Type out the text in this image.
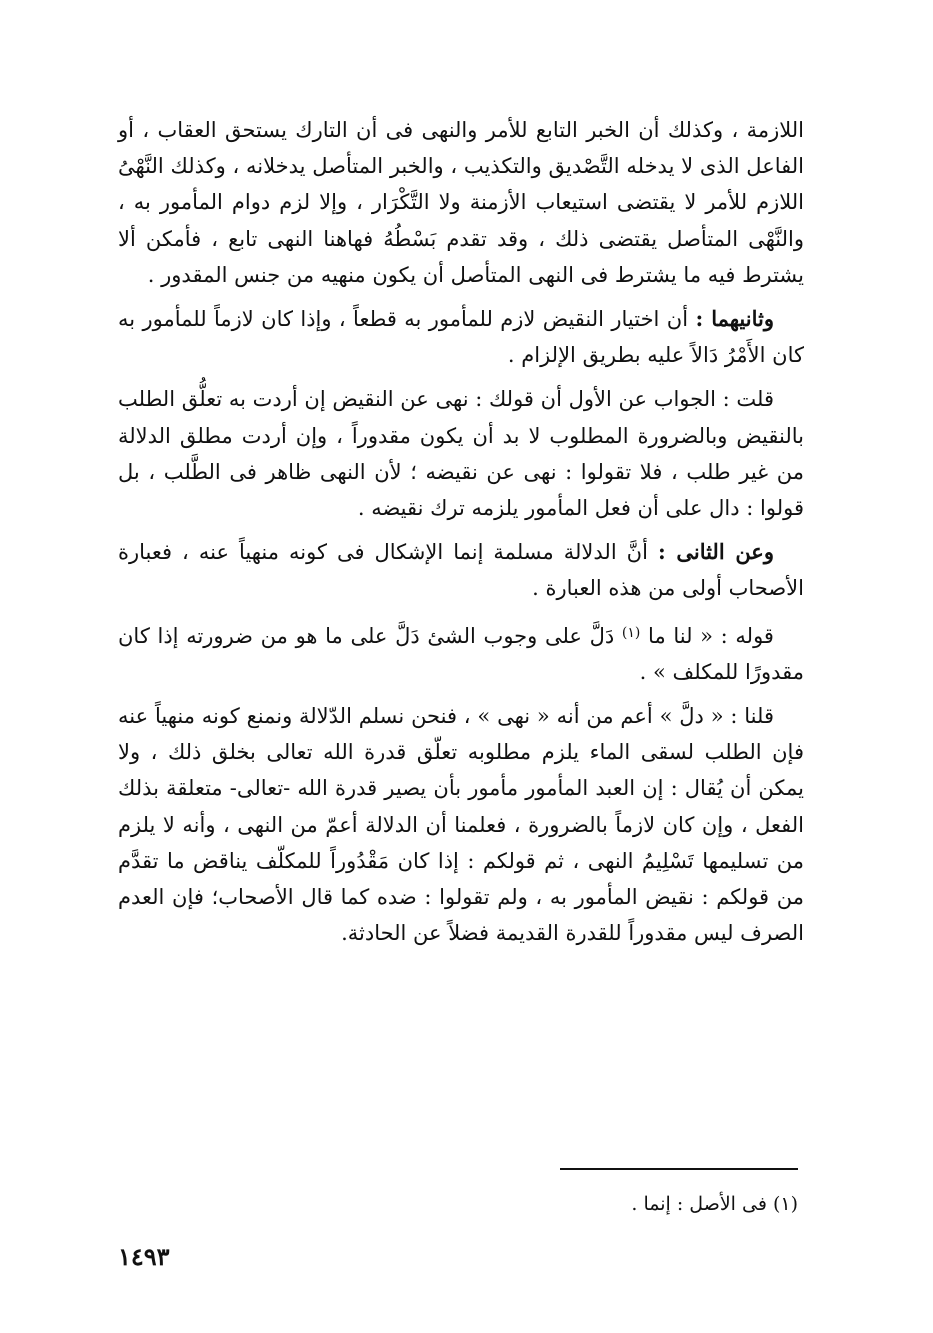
اللازمة ، وكذلك أن الخبر التابع للأمر والنهى فى أن التارك يستحق العقاب ، أو الفاعل الذى لا يدخله التَّصْديق والتكذيب ، والخبر المتأصل يدخلانه ، وكذلك النَّهْىُ اللازم للأمر لا يقتضى استيعاب الأزمنة ولا التَّكْرَار ، وإلا لزم دوام المأمور به ، والنَّهْى المتأصل يقتضى ذلك ، وقد تقدم بَسْطُهُ فهاهنا النهى تابع ، فأمكن ألا يشترط فيه ما يشترط فى النهى المتأصل أن يكون منهيه من جنس المقدور .

وثانيهما : أن اختيار النقيض لازم للمأمور به قطعاً ، وإذا كان لازماً للمأمور به كان الأَمْرُ دَالاً عليه بطريق الإلزام .

قلت : الجواب عن الأول أن قولك : نهى عن النقيض إن أردت به تعلُّق الطلب بالنقيض وبالضرورة المطلوب لا بد أن يكون مقدوراً ، وإن أردت مطلق الدلالة من غير طلب ، فلا تقولوا : نهى عن نقيضه ؛ لأن النهى ظاهر فى الطَّلب ، بل قولوا : دال على أن فعل المأمور يلزمه ترك نقيضه .

وعن الثانى : أنَّ الدلالة مسلمة إنما الإشكال فى كونه منهياً عنه ، فعبارة الأصحاب أولى من هذه العبارة .

قوله : « لنا ما $^{(١)}$ دَلَّ على وجوب الشئ دَلَّ على ما هو من ضرورته إذا كان مقدورًا للمكلف » .

قلنا : « دلَّ » أعم من أنه « نهى » ، فنحن نسلم الدّلالة ونمنع كونه منهياً عنه فإن الطلب لسقى الماء يلزم مطلوبه تعلّق قدرة الله تعالى بخلق ذلك ، ولا يمكن أن يُقال : إن العبد المأمور مأمور بأن يصير قدرة الله -تعالى- متعلقة بذلك الفعل ، وإن كان لازماً بالضرورة ، فعلمنا أن الدلالة أعمّ من النهى ، وأنه لا يلزم من تسليمها تَسْلِيمُ النهى ، ثم قولكم : إذا كان مَقْدُوراً للمكلّف يناقض ما تقدَّم من قولكم : نقيض المأمور به ، ولم تقولوا : ضده كما قال الأصحاب؛ فإن العدم الصرف ليس مقدوراً للقدرة القديمة فضلاً عن الحادثة.

(١) فى الأصل : إنما .
١٤٩٣
